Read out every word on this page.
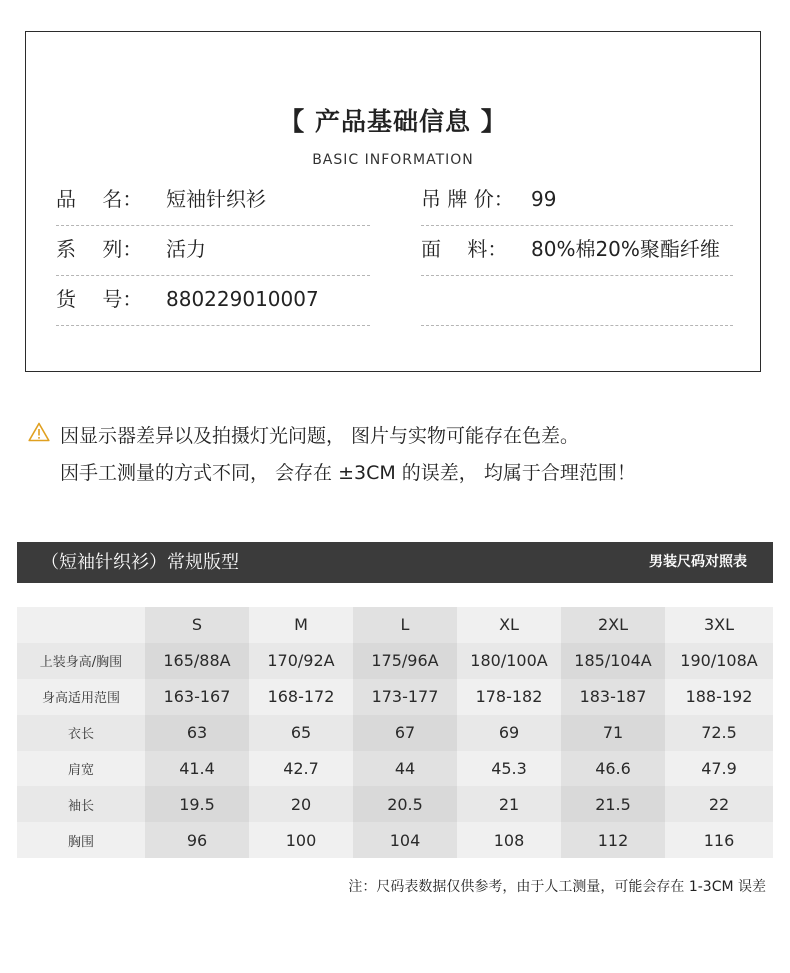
【 产品基础信息 】
BASIC INFORMATION
品　 名： 短袖针织衫	吊 牌 价： 99
系　 列： 活力	面　 料： 80%棉20%聚酯纤维
货　 号： 880229010007
因显示器差异以及拍摄灯光问题， 图片与实物可能存在色差。
因手工测量的方式不同， 会存在 ±3CM 的误差， 均属于合理范围！
（短袖针织衫）常规版型	男装尺码对照表
	S	M	L	XL	2XL	3XL
上装身高/胸围	165/88A	170/92A	175/96A	180/100A	185/104A	190/108A
身高适用范围	163-167	168-172	173-177	178-182	183-187	188-192
衣长	63	65	67	69	71	72.5
肩宽	41.4	42.7	44	45.3	46.6	47.9
袖长	19.5	20	20.5	21	21.5	22
胸围	96	100	104	108	112	116
注：尺码表数据仅供参考，由于人工测量，可能会存在 1-3CM 误差
